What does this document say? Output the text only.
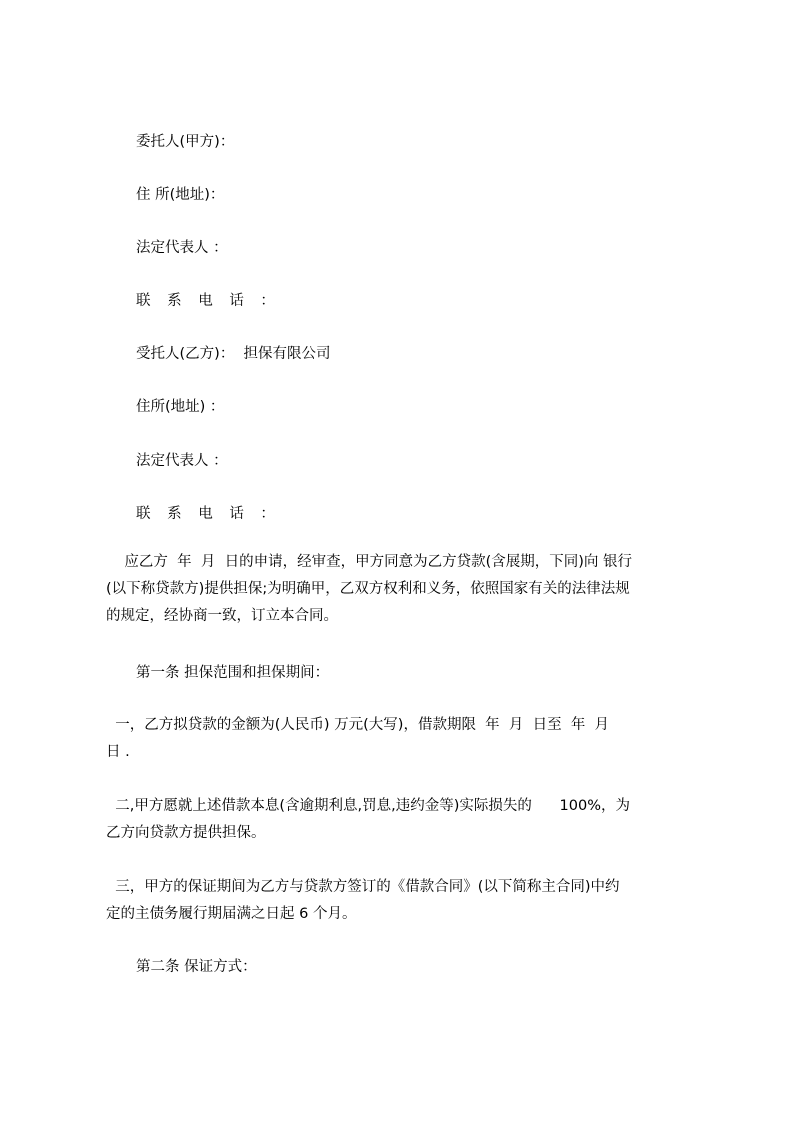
委托人(甲方)：

住 所(地址)：

法定代表人 ：

联 系 电 话 ：

受托人(乙方)：  担保有限公司

住所(地址) ：

法定代表人 ：

联 系 电 话 ：

应乙方  年  月  日的申请，经审查，甲方同意为乙方贷款(含展期，下同)向 银行
(以下称贷款方)提供担保;为明确甲，乙双方权利和义务，依照国家有关的法律法规
的规定，经协商一致，订立本合同。

第一条 担保范围和担保期间：

一，乙方拟贷款的金额为(人民币) 万元(大写)，借款期限  年  月  日至  年  月
日 .
二,甲方愿就上述借款本息(含逾期利息,罚息,违约金等)实际损失的      100%，为
乙方向贷款方提供担保。
三，甲方的保证期间为乙方与贷款方签订的《借款合同》(以下简称主合同)中约
定的主债务履行期届满之日起 6 个月。

第二条 保证方式：
